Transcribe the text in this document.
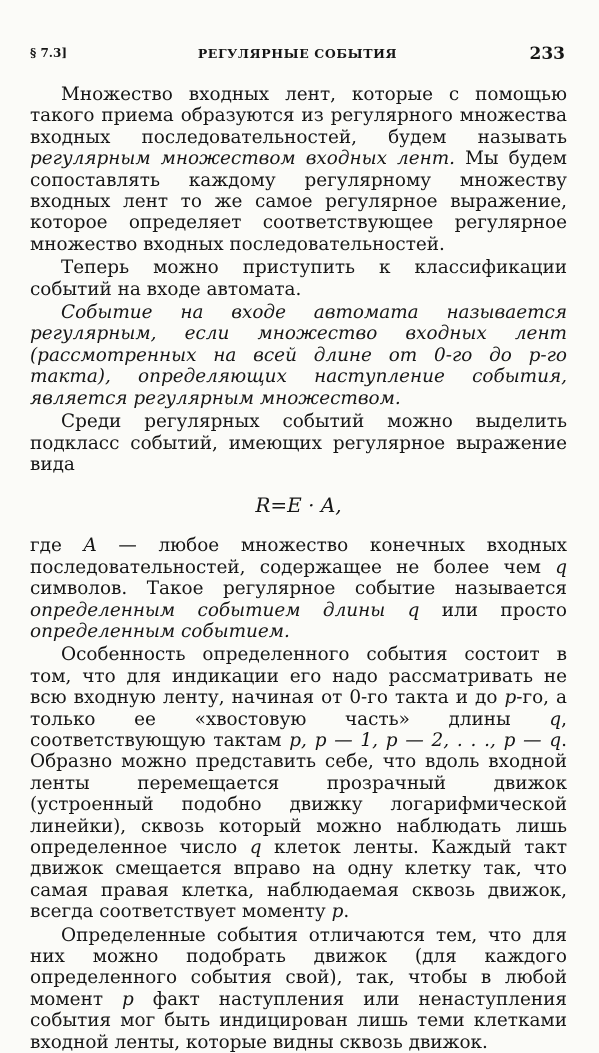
§ 7.3]	РЕГУЛЯРНЫЕ СОБЫТИЯ	233

Множество входных лент, которые с помощью такого приема образуются из регулярного множества входных последовательностей, будем называть регулярным множеством входных лент. Мы будем сопоставлять каждому регулярному множеству входных лент то же самое регулярное выражение, которое определяет соответствующее регулярное множество входных последовательностей.

Теперь можно приступить к классификации событий на входе автомата.

Событие на входе автомата называется регулярным, если множество входных лент (рассмотренных на всей длине от 0-го до p-го такта), определяющих наступление события, является регулярным множеством.

Среди регулярных событий можно выделить подкласс событий, имеющих регулярное выражение вида

R=E · A,

где A — любое множество конечных входных последовательностей, содержащее не более чем q символов. Такое регулярное событие называется определенным событием длины q или просто определенным событием.

Особенность определенного события состоит в том, что для индикации его надо рассматривать не всю входную ленту, начиная от 0-го такта и до p-го, а только ее «хвостовую часть» длины q, соответствующую тактам p, p — 1, p — 2, . . ., p — q. Образно можно представить себе, что вдоль входной ленты перемещается прозрачный движок (устроенный подобно движку логарифмической линейки), сквозь который можно наблюдать лишь определенное число q клеток ленты. Каждый такт движок смещается вправо на одну клетку так, что самая правая клетка, наблюдаемая сквозь движок, всегда соответствует моменту p.

Определенные события отличаются тем, что для них можно подобрать движок (для каждого определенного события свой), так, чтобы в любой момент p факт наступления или ненаступления события мог быть индицирован лишь теми клетками входной ленты, которые видны сквозь движок.
